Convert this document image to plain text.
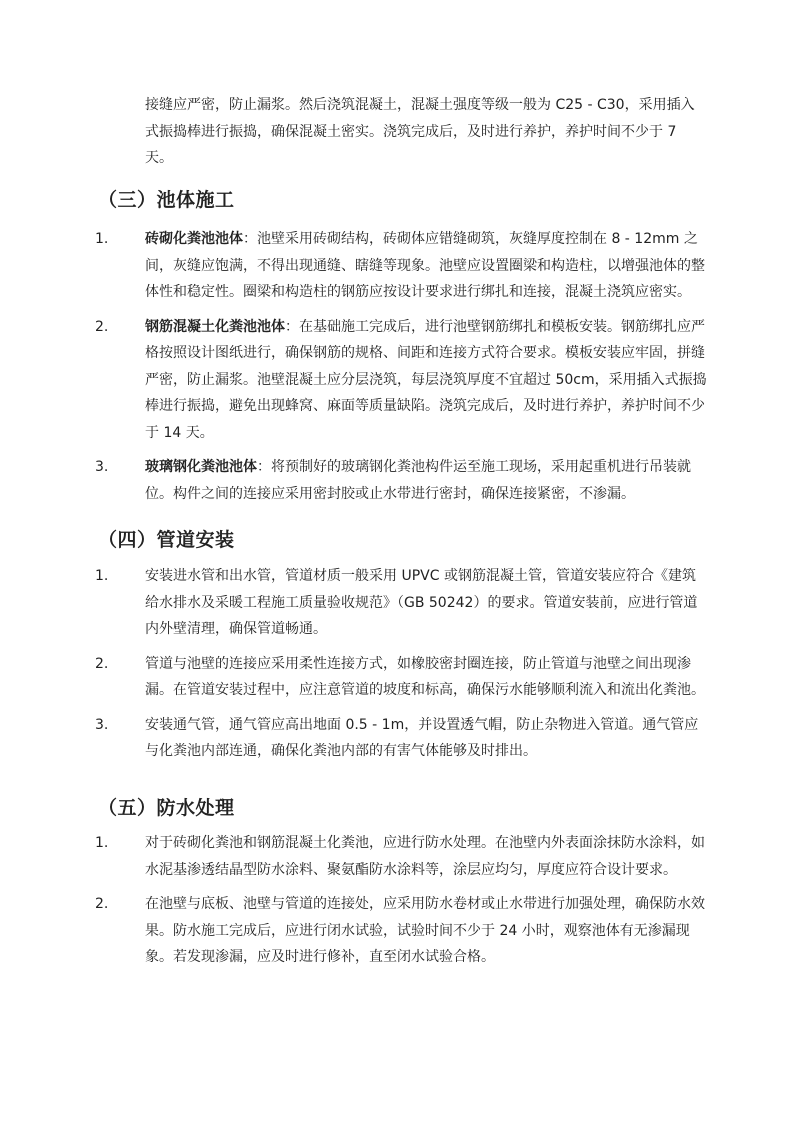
接缝应严密，防止漏浆。然后浇筑混凝土，混凝土强度等级一般为 C25 - C30，采用插入式振捣棒进行振捣，确保混凝土密实。浇筑完成后，及时进行养护，养护时间不少于 7 天。

（三）池体施工
1.	砖砌化粪池池体：池壁采用砖砌结构，砖砌体应错缝砌筑，灰缝厚度控制在 8 - 12mm 之间，灰缝应饱满，不得出现通缝、瞎缝等现象。池壁应设置圈梁和构造柱，以增强池体的整体性和稳定性。圈梁和构造柱的钢筋应按设计要求进行绑扎和连接，混凝土浇筑应密实。
2.	钢筋混凝土化粪池池体：在基础施工完成后，进行池壁钢筋绑扎和模板安装。钢筋绑扎应严格按照设计图纸进行，确保钢筋的规格、间距和连接方式符合要求。模板安装应牢固，拼缝严密，防止漏浆。池壁混凝土应分层浇筑，每层浇筑厚度不宜超过 50cm，采用插入式振捣棒进行振捣，避免出现蜂窝、麻面等质量缺陷。浇筑完成后，及时进行养护，养护时间不少于 14 天。
3.	玻璃钢化粪池池体：将预制好的玻璃钢化粪池构件运至施工现场，采用起重机进行吊装就位。构件之间的连接应采用密封胶或止水带进行密封，确保连接紧密，不渗漏。
（四）管道安装
1.	安装进水管和出水管，管道材质一般采用 UPVC 或钢筋混凝土管，管道安装应符合《建筑给水排水及采暖工程施工质量验收规范》（GB 50242）的要求。管道安装前，应进行管道内外壁清理，确保管道畅通。
2.	管道与池壁的连接应采用柔性连接方式，如橡胶密封圈连接，防止管道与池壁之间出现渗漏。在管道安装过程中，应注意管道的坡度和标高，确保污水能够顺利流入和流出化粪池。
3.	安装通气管，通气管应高出地面 0.5 - 1m，并设置透气帽，防止杂物进入管道。通气管应与化粪池内部连通，确保化粪池内部的有害气体能够及时排出。
（五）防水处理
1.	对于砖砌化粪池和钢筋混凝土化粪池，应进行防水处理。在池壁内外表面涂抹防水涂料，如水泥基渗透结晶型防水涂料、聚氨酯防水涂料等，涂层应均匀，厚度应符合设计要求。
2.	在池壁与底板、池壁与管道的连接处，应采用防水卷材或止水带进行加强处理，确保防水效果。防水施工完成后，应进行闭水试验，试验时间不少于 24 小时，观察池体有无渗漏现象。若发现渗漏，应及时进行修补，直至闭水试验合格。
